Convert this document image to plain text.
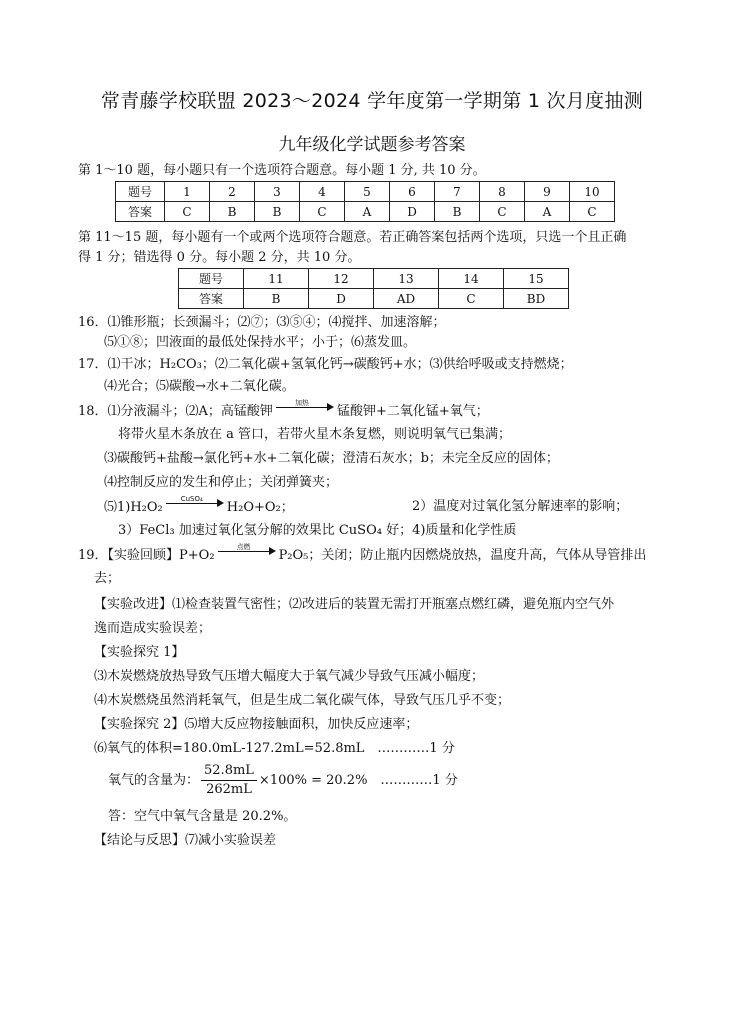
常青藤学校联盟 2023～2024 学年度第一学期第 1 次月度抽测
九年级化学试题参考答案
第 1～10 题，每小题只有一个选项符合题意。每小题 1 分, 共 10 分。
题号	1	2	3	4	5	6	7	8	9	10
答案	C	B	B	C	A	D	B	C	A	C
第 11～15 题，每小题有一个或两个选项符合题意。若正确答案包括两个选项，只选一个且正确
得 1 分；错选得 0 分。每小题 2 分，共 10 分。
题号	11	12	13	14	15
答案	B	D	AD	C	BD
16．⑴锥形瓶；长颈漏斗；⑵⑦；⑶⑤④；⑷搅拌、加速溶解；
⑸①⑧；凹液面的最低处保持水平；小于；⑹蒸发皿。
17．⑴干冰；H₂CO₃；⑵二氧化碳+氢氧化钙→碳酸钙+水；⑶供给呼吸或支持燃烧；
⑷光合；⑸碳酸→水+二氧化碳。
18．⑴分液漏斗；⑵A；高锰酸钾
加热
锰酸钾+二氧化锰+氧气；
将带火星木条放在 a 管口，若带火星木条复燃，则说明氧气已集满；
⑶碳酸钙+盐酸→氯化钙+水+二氧化碳；澄清石灰水；b；未完全反应的固体；
⑷控制反应的发生和停止；关闭弹簧夹；
⑸1)H₂O₂
CuSO₄
H₂O+O₂；	2）温度对过氧化氢分解速率的影响；
3）FeCl₃ 加速过氧化氢分解的效果比 CuSO₄ 好；4)质量和化学性质
19．【实验回顾】P+O₂
点燃
P₂O₅；关闭；防止瓶内因燃烧放热，温度升高，气体从导管排出
去；
【实验改进】⑴检查装置气密性；⑵改进后的装置无需打开瓶塞点燃红磷，避免瓶内空气外
逸而造成实验误差；
【实验探究 1】
⑶木炭燃烧放热导致气压增大幅度大于氧气减少导致气压减小幅度；
⑷木炭燃烧虽然消耗氧气，但是生成二氧化碳气体，导致气压几乎不变；
【实验探究 2】⑸增大反应物接触面积，加快反应速率；
⑹氧气的体积=180.0mL-127.2mL=52.8mL　…………1 分
氧气的含量为： $\frac{52.8mL}{262mL} \times 100\% = 20.2\%$　…………1 分
答：空气中氧气含量是 20.2%。
【结论与反思】⑺减小实验误差
